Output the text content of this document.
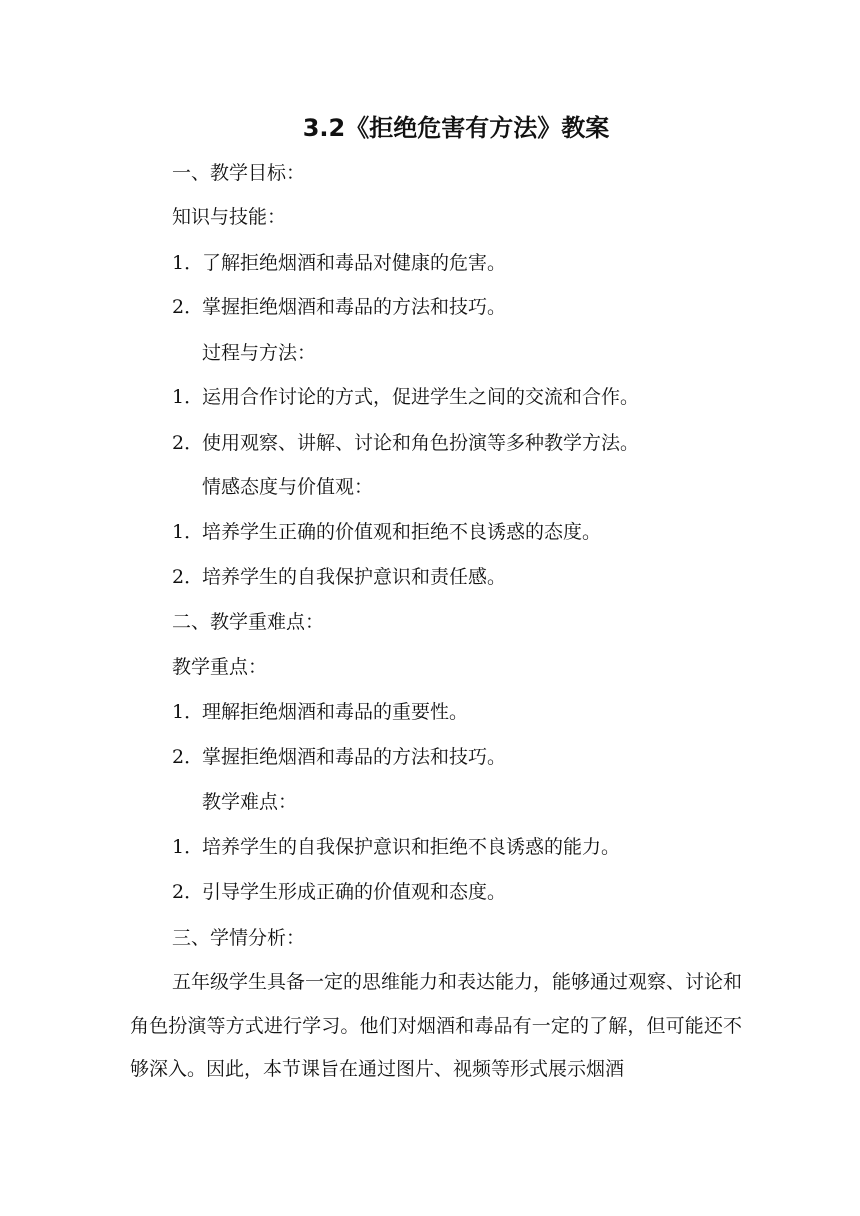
3.2《拒绝危害有方法》教案
一、教学目标：
知识与技能：
1．了解拒绝烟酒和毒品对健康的危害。
2．掌握拒绝烟酒和毒品的方法和技巧。
过程与方法：
1．运用合作讨论的方式，促进学生之间的交流和合作。
2．使用观察、讲解、讨论和角色扮演等多种教学方法。
情感态度与价值观：
1．培养学生正确的价值观和拒绝不良诱惑的态度。
2．培养学生的自我保护意识和责任感。
二、教学重难点：
教学重点：
1．理解拒绝烟酒和毒品的重要性。
2．掌握拒绝烟酒和毒品的方法和技巧。
教学难点：
1．培养学生的自我保护意识和拒绝不良诱惑的能力。
2．引导学生形成正确的价值观和态度。
三、学情分析：
五年级学生具备一定的思维能力和表达能力，能够通过观察、讨论和角色扮演等方式进行学习。他们对烟酒和毒品有一定的了解，但可能还不够深入。因此，本节课旨在通过图片、视频等形式展示烟酒
